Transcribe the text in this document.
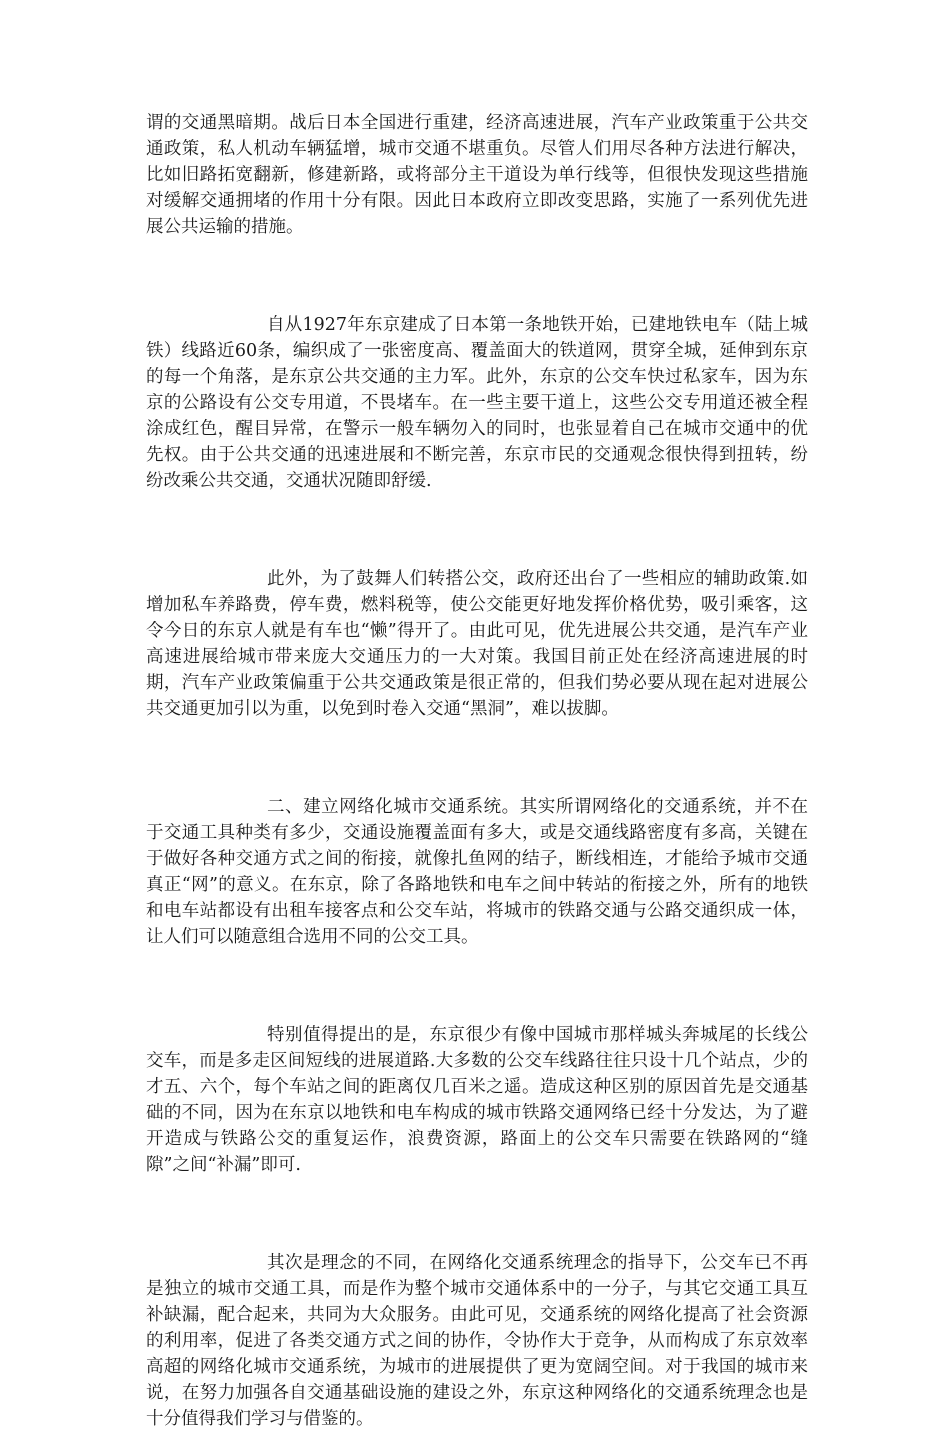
谓的交通黑暗期。战后日本全国进行重建，经济高速进展，汽车产业政策重于公共交通政策，私人机动车辆猛增，城市交通不堪重负。尽管人们用尽各种方法进行解决，比如旧路拓宽翻新，修建新路，或将部分主干道设为单行线等，但很快发现这些措施对缓解交通拥堵的作用十分有限。因此日本政府立即改变思路，实施了一系列优先进展公共运输的措施。

自从1927年东京建成了日本第一条地铁开始，已建地铁电车（陆上城铁）线路近60条，编织成了一张密度高、覆盖面大的铁道网，贯穿全城，延伸到东京的每一个角落，是东京公共交通的主力军。此外，东京的公交车快过私家车，因为东京的公路设有公交专用道，不畏堵车。在一些主要干道上，这些公交专用道还被全程涂成红色，醒目异常，在警示一般车辆勿入的同时，也张显着自己在城市交通中的优先权。由于公共交通的迅速进展和不断完善，东京市民的交通观念很快得到扭转，纷纷改乘公共交通，交通状况随即舒缓.

此外，为了鼓舞人们转搭公交，政府还出台了一些相应的辅助政策.如增加私车养路费，停车费，燃料税等，使公交能更好地发挥价格优势，吸引乘客，这令今日的东京人就是有车也“懒”得开了。由此可见，优先进展公共交通，是汽车产业高速进展给城市带来庞大交通压力的一大对策。我国目前正处在经济高速进展的时期，汽车产业政策偏重于公共交通政策是很正常的，但我们势必要从现在起对进展公共交通更加引以为重，以免到时卷入交通“黑洞”，难以拔脚。

二、建立网络化城市交通系统。其实所谓网络化的交通系统，并不在于交通工具种类有多少，交通设施覆盖面有多大，或是交通线路密度有多高，关键在于做好各种交通方式之间的衔接，就像扎鱼网的结子，断线相连，才能给予城市交通真正“网”的意义。在东京，除了各路地铁和电车之间中转站的衔接之外，所有的地铁和电车站都设有出租车接客点和公交车站，将城市的铁路交通与公路交通织成一体，让人们可以随意组合选用不同的公交工具。

特别值得提出的是，东京很少有像中国城市那样城头奔城尾的长线公交车，而是多走区间短线的进展道路.大多数的公交车线路往往只设十几个站点，少的才五、六个，每个车站之间的距离仅几百米之遥。造成这种区别的原因首先是交通基础的不同，因为在东京以地铁和电车构成的城市铁路交通网络已经十分发达，为了避开造成与铁路公交的重复运作，浪费资源，路面上的公交车只需要在铁路网的“缝隙”之间“补漏”即可.

其次是理念的不同，在网络化交通系统理念的指导下，公交车已不再是独立的城市交通工具，而是作为整个城市交通体系中的一分子，与其它交通工具互补缺漏，配合起来，共同为大众服务。由此可见，交通系统的网络化提高了社会资源的利用率，促进了各类交通方式之间的协作，令协作大于竞争，从而构成了东京效率高超的网络化城市交通系统，为城市的进展提供了更为宽阔空间。对于我国的城市来说，在努力加强各自交通基础设施的建设之外，东京这种网络化的交通系统理念也是十分值得我们学习与借鉴的。
